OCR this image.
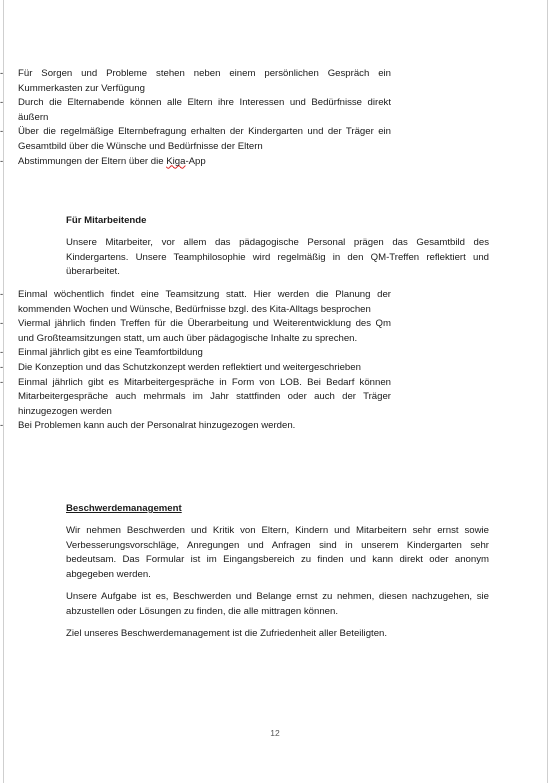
- Für Sorgen und Probleme stehen neben einem persönlichen Gespräch ein Kummerkasten zur Verfügung
- Durch die Elternabende können alle Eltern ihre Interessen und Bedürfnisse direkt äußern
- Über die regelmäßige Elternbefragung erhalten der Kindergarten und der Träger ein Gesamtbild über die Wünsche und Bedürfnisse der Eltern
- Abstimmungen der Eltern über die Kiga-App
Für Mitarbeitende

Unsere Mitarbeiter, vor allem das pädagogische Personal prägen das Gesamtbild des Kindergartens. Unsere Teamphilosophie wird regelmäßig in den QM-Treffen reflektiert und überarbeitet.

- Einmal wöchentlich findet eine Teamsitzung statt. Hier werden die Planung der kommenden Wochen und Wünsche, Bedürfnisse bzgl. des Kita-Alltags besprochen
- Viermal jährlich finden Treffen für die Überarbeitung und Weiterentwicklung des Qm und Großteamsitzungen statt, um auch über pädagogische Inhalte zu sprechen.
- Einmal jährlich gibt es eine Teamfortbildung
- Die Konzeption und das Schutzkonzept werden reflektiert und weitergeschrieben
- Einmal jährlich gibt es Mitarbeitergespräche in Form von LOB. Bei Bedarf können Mitarbeitergespräche auch mehrmals im Jahr stattfinden oder auch der Träger hinzugezogen werden
- Bei Problemen kann auch der Personalrat hinzugezogen werden.
Beschwerdemanagement

Wir nehmen Beschwerden und Kritik von Eltern, Kindern und Mitarbeitern sehr ernst sowie Verbesserungsvorschläge, Anregungen und Anfragen sind in unserem Kindergarten sehr bedeutsam. Das Formular ist im Eingangsbereich zu finden und kann direkt oder anonym abgegeben werden.

Unsere Aufgabe ist es, Beschwerden und Belange ernst zu nehmen, diesen nachzugehen, sie abzustellen oder Lösungen zu finden, die alle mittragen können.

Ziel unseres Beschwerdemanagement ist die Zufriedenheit aller Beteiligten.

12
